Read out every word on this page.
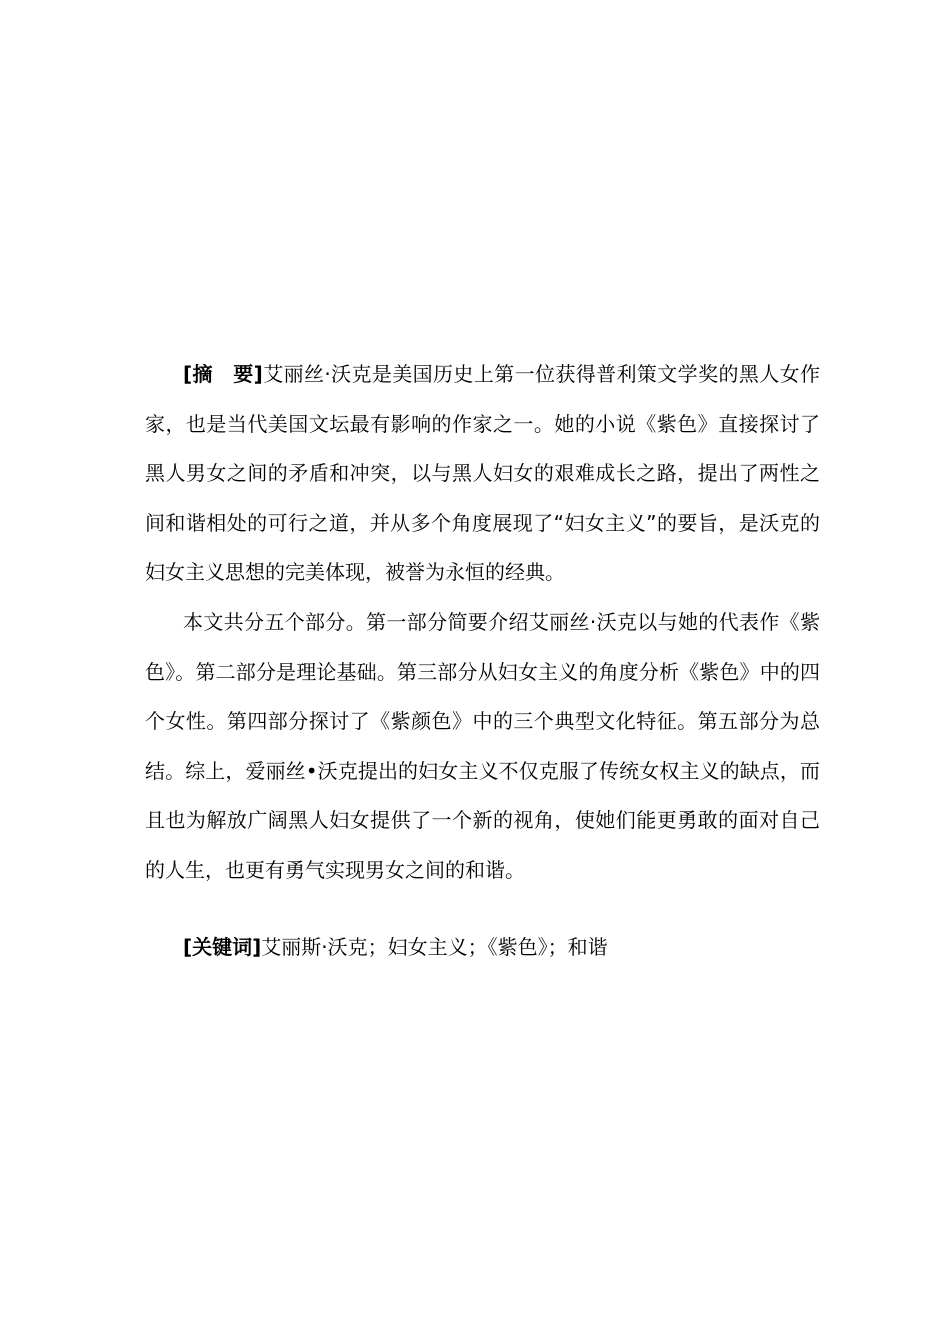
[摘　要]艾丽丝·沃克是美国历史上第一位获得普利策文学奖的黑人女作家，也是当代美国文坛最有影响的作家之一。她的小说《紫色》直接探讨了黑人男女之间的矛盾和冲突，以与黑人妇女的艰难成长之路，提出了两性之间和谐相处的可行之道，并从多个角度展现了“妇女主义”的要旨，是沃克的妇女主义思想的完美体现，被誉为永恒的经典。

本文共分五个部分。第一部分简要介绍艾丽丝·沃克以与她的代表作《紫色》。第二部分是理论基础。第三部分从妇女主义的角度分析《紫色》中的四个女性。第四部分探讨了《紫颜色》中的三个典型文化特征。第五部分为总结。综上，爱丽丝•沃克提出的妇女主义不仅克服了传统女权主义的缺点，而且也为解放广阔黑人妇女提供了一个新的视角，使她们能更勇敢的面对自己的人生，也更有勇气实现男女之间的和谐。

[关键词]艾丽斯·沃克；妇女主义；《紫色》；和谐
